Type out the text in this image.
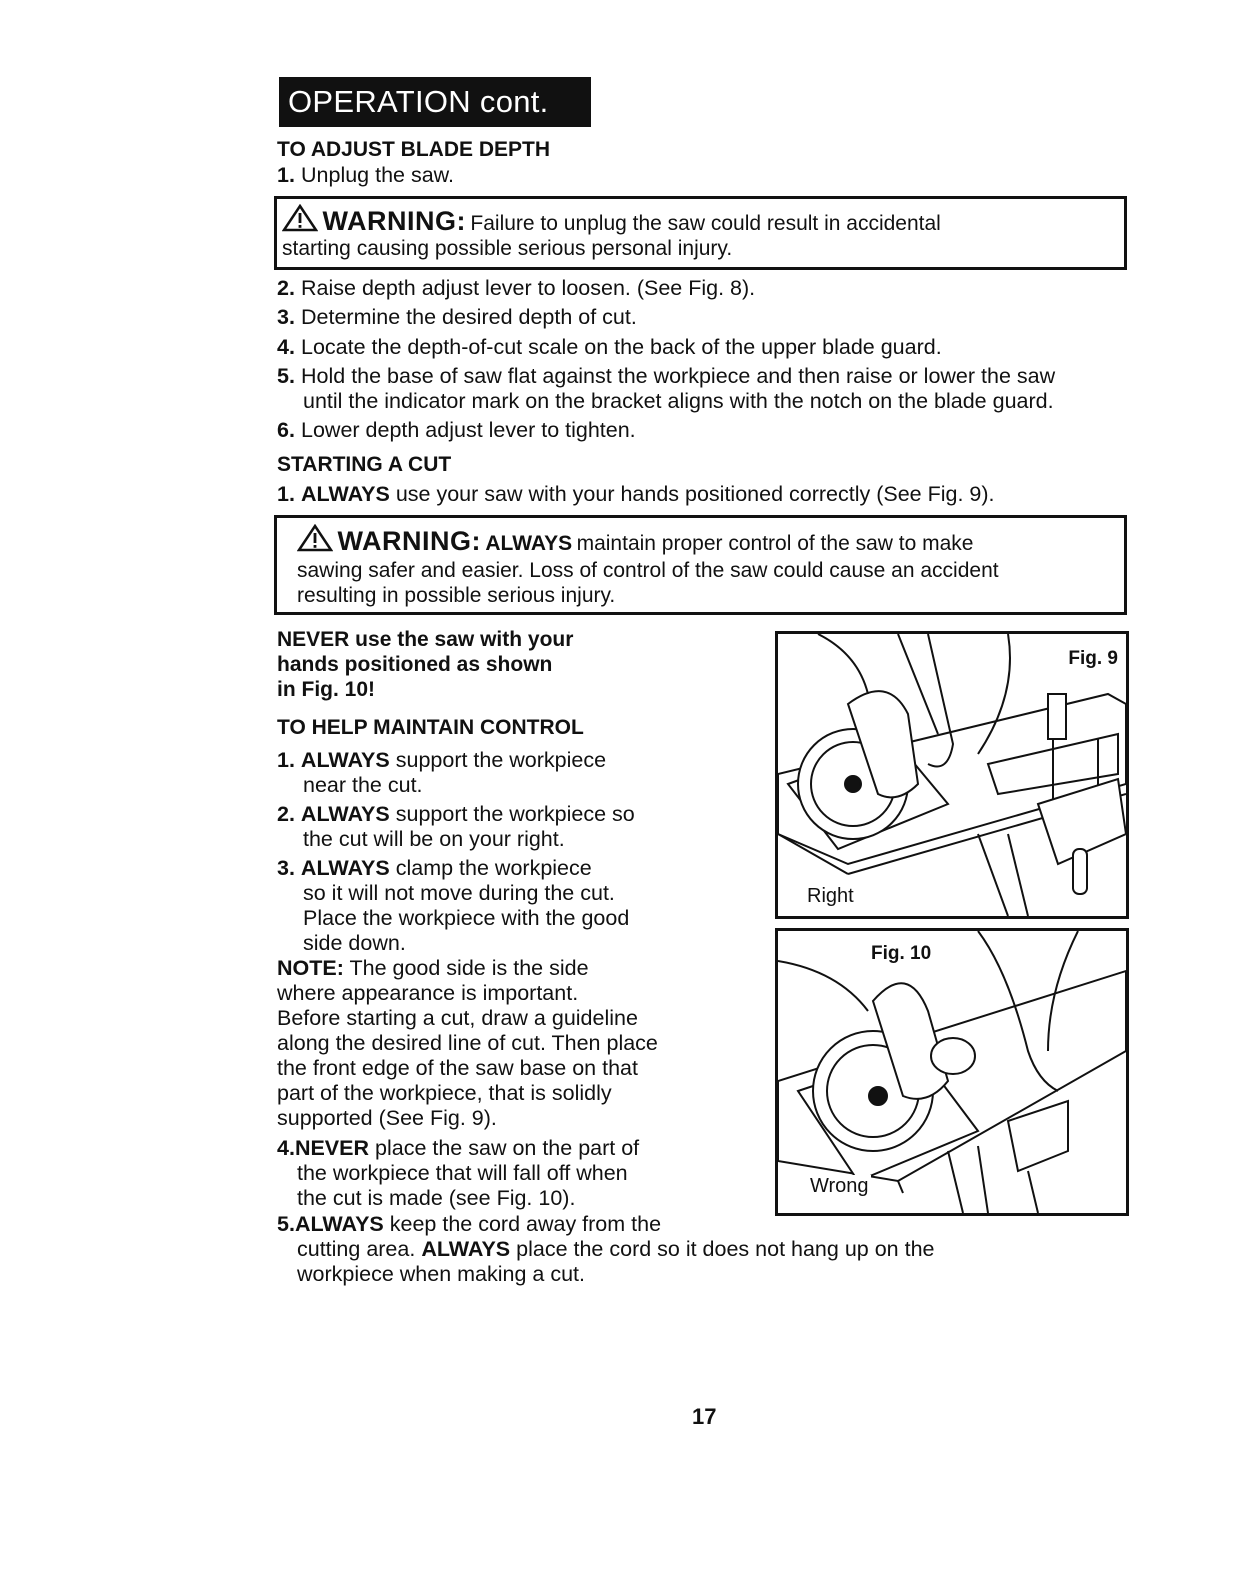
OPERATION cont.
TO ADJUST BLADE DEPTH
1. Unplug the saw.
WARNING: Failure to unplug the saw could result in accidental
starting causing possible serious personal injury.
2. Raise depth adjust lever to loosen. (See Fig. 8).
3. Determine the desired depth of cut.
4. Locate the depth-of-cut scale on the back of the upper blade guard.
5. Hold the base of saw flat against the workpiece and then raise or lower the saw
until the indicator mark on the bracket aligns with the notch on the blade guard.
6. Lower depth adjust lever to tighten.
STARTING A CUT
1. ALWAYS use your saw with your hands positioned correctly (See Fig. 9).
WARNING: ALWAYS maintain proper control of the saw to make
sawing safer and easier. Loss of control of the saw could cause an accident
resulting in possible serious injury.
NEVER use the saw with your
hands positioned as shown
in Fig. 10!
TO HELP MAINTAIN CONTROL
1. ALWAYS support the workpiece
near the cut.
2. ALWAYS support the workpiece so
the cut will be on your right.
3. ALWAYS clamp the workpiece
so it will not move during the cut.
Place the workpiece with the good
side down.
NOTE: The good side is the side
where appearance is important.
Before starting a cut, draw a guideline
along the desired line of cut. Then place
the front edge of the saw base on that
part of the workpiece, that is solidly
supported (See Fig. 9).
4.NEVER place the saw on the part of
the workpiece that will fall off when
the cut is made (see Fig. 10).
5.ALWAYS keep the cord away from the
cutting area. ALWAYS place the cord so it does not hang up on the
workpiece when making a cut.
Fig. 9
Right
Fig. 10
Wrong
17
